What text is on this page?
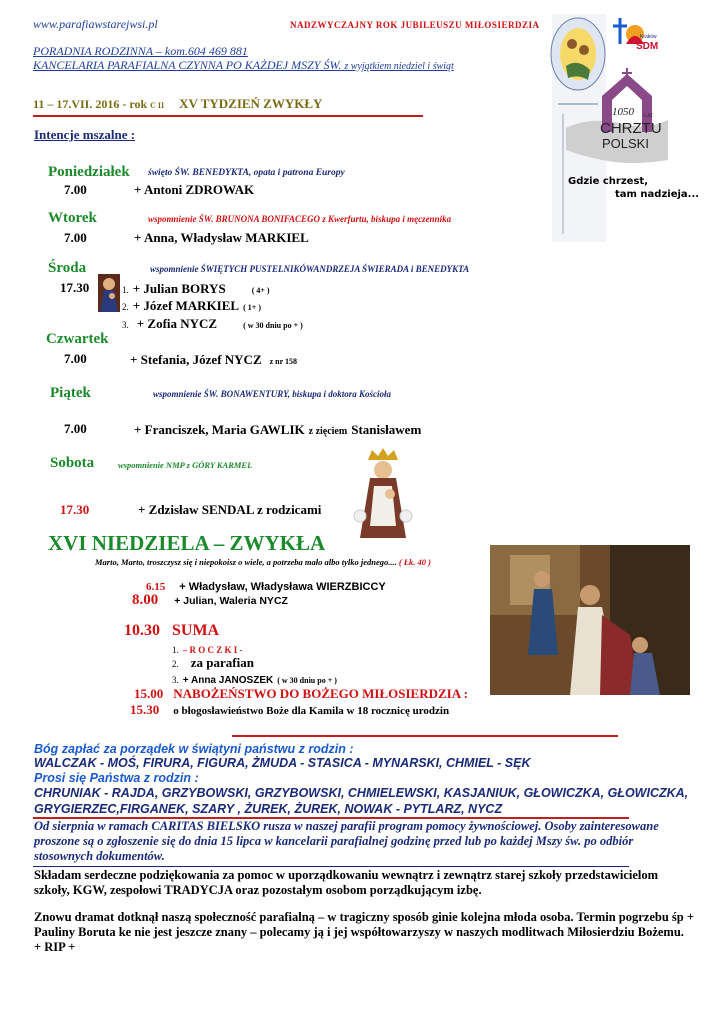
www.parafiawstarejwsi.pl	NADZWYCZAJNY ROK JUBILEUSZU MIŁOSIERDZIA
PORADNIA RODZINNA – kom.604 469 881
KANCELARIA PARAFIALNA CZYNNA PO KAŻDEJ MSZY ŚW. z wyjątkiem niedziel i świąt
11 – 17.VII. 2016 - rok C II XV TYDZIEŃ ZWYKŁY
Intencje mszalne :
Kraków
ŚDM
1050 LAT
CHRZTU
POLSKI
Gdzie chrzest,
tam nadzieja...
Poniedziałek święto ŚW. BENEDYKTA, opata i patrona Europy
7.00	+ Antoni ZDROWAK
Wtorek	wspomnienie ŚW. BRUNONA BONIFACEGO z Kwerfurtu, biskupa i męczennika
7.00	+ Anna, Władysław MARKIEL
Środa	wspomnienie ŚWIĘTYCH PUSTELNIKÓWANDRZEJA ŚWIERADA i BENEDYKTA
17.30	1. + Julian BORYS	( 4+ )
2. + Józef MARKIEL ( 1+ )
3. + Zofia NYCZ	( w 30 dniu po + )
Czwartek
7.00	+ Stefania, Józef NYCZ z nr 158
Piątek	wspomnienie ŚW. BONAWENTURY, biskupa i doktora Kościoła
7.00	+ Franciszek, Maria GAWLIK z zięciem Stanisławem
Sobota	wspomnienie NMP z GÓRY KARMEL
17.30	+ Zdzisław SENDAL z rodzicami
XVI NIEDZIELA – ZWYKŁA
Marto, Marto, troszczysz się i niepokoisz o wiele, a potrzeba mało albo tylko jednego.... ( Łk. 40 )
6.15 + Władysław, Władysława WIERZBICCY
8.00 + Julian, Waleria NYCZ
10.30 SUMA
1. – R O C Z K I -
2. za parafian
3. + Anna JANOSZEK ( w 30 dniu po + )
15.00 NABOŻEŃSTWO DO BOŻEGO MIŁOSIERDZIA :
15.30 o błogosławieństwo Boże dla Kamila w 18 rocznicę urodzin
Bóg zapłać za porządek w świątyni państwu z rodzin :
WALCZAK - MOŚ, FIRURA, FIGURA, ŻMUDA - STASICA - MYNARSKI, CHMIEL - SĘK
Prosi się Państwa z rodzin :
CHRUNIAK - RAJDA, GRZYBOWSKI, GRZYBOWSKI, CHMIELEWSKI, KASJANIUK, GŁOWICZKA, GŁOWICZKA, GRYGIERZEC,FIRGANEK, SZARY , ŻUREK, ŻUREK, NOWAK - PYTLARZ, NYCZ
Od sierpnia w ramach CARITAS BIELSKO rusza w naszej parafii program pomocy żywnościowej. Osoby zainteresowane proszone są o zgłoszenie się do dnia 15 lipca w kancelarii parafialnej godzinę przed lub po każdej Mszy św. po odbiór stosownych dokumentów.
Składam serdeczne podziękowania za pomoc w uporządkowaniu wewnątrz i zewnątrz starej szkoły przedstawicielom szkoły, KGW, zespołowi TRADYCJA oraz pozostałym osobom porządkującym izbę.
Znowu dramat dotknął naszą społeczność parafialną – w tragiczny sposób ginie kolejna młoda osoba. Termin pogrzebu śp + Pauliny Boruta ke nie jest jeszcze znany – polecamy ją i jej współtowarzyszy w naszych modlitwach Miłosierdziu Bożemu. + RIP +
